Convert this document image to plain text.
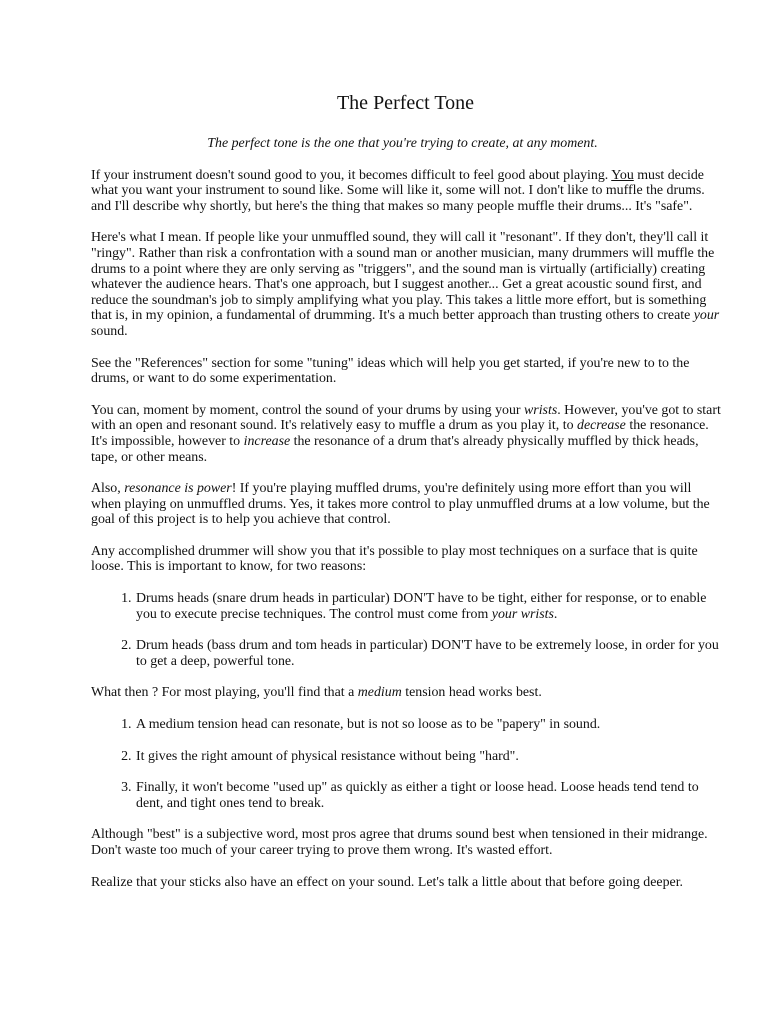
The Perfect Tone

The perfect tone is the one that you're trying to create, at any moment.

If your instrument doesn't sound good to you, it becomes difficult to feel good about playing. You must decide what you want your instrument to sound like. Some will like it, some will not. I don't like to muffle the drums. and I'll describe why shortly, but here's the thing that makes so many people muffle their drums... It's "safe".

Here's what I mean. If people like your unmuffled sound, they will call it "resonant". If they don't, they'll call it "ringy". Rather than risk a confrontation with a sound man or another musician, many drummers will muffle the drums to a point where they are only serving as "triggers", and the sound man is virtually (artificially) creating whatever the audience hears. That's one approach, but I suggest another... Get a great acoustic sound first, and reduce the soundman's job to simply amplifying what you play. This takes a little more effort, but is something that is, in my opinion, a fundamental of drumming. It's a much better approach than trusting others to create your sound.

See the "References" section for some "tuning" ideas which will help you get started, if you're new to to the drums, or want to do some experimentation.

You can, moment by moment, control the sound of your drums by using your wrists. However, you've got to start with an open and resonant sound. It's relatively easy to muffle a drum as you play it, to decrease the resonance. It's impossible, however to increase the resonance of a drum that's already physically muffled by thick heads, tape, or other means.

Also, resonance is power! If you're playing muffled drums, you're definitely using more effort than you will when playing on unmuffled drums. Yes, it takes more control to play unmuffled drums at a low volume, but the goal of this project is to help you achieve that control.

Any accomplished drummer will show you that it's possible to play most techniques on a surface that is quite loose. This is important to know, for two reasons:

1. Drums heads (snare drum heads in particular) DON'T have to be tight, either for response, or to enable you to execute precise techniques. The control must come from your wrists.
2. Drum heads (bass drum and tom heads in particular) DON'T have to be extremely loose, in order for you to get a deep, powerful tone.

What then ? For most playing, you'll find that a medium tension head works best.

1. A medium tension head can resonate, but is not so loose as to be "papery" in sound.
2. It gives the right amount of physical resistance without being "hard".
3. Finally, it won't become "used up" as quickly as either a tight or loose head. Loose heads tend tend to dent, and tight ones tend to break.

Although "best" is a subjective word, most pros agree that drums sound best when tensioned in their midrange. Don't waste too much of your career trying to prove them wrong. It's wasted effort.

Realize that your sticks also have an effect on your sound. Let's talk a little about that before going deeper.
